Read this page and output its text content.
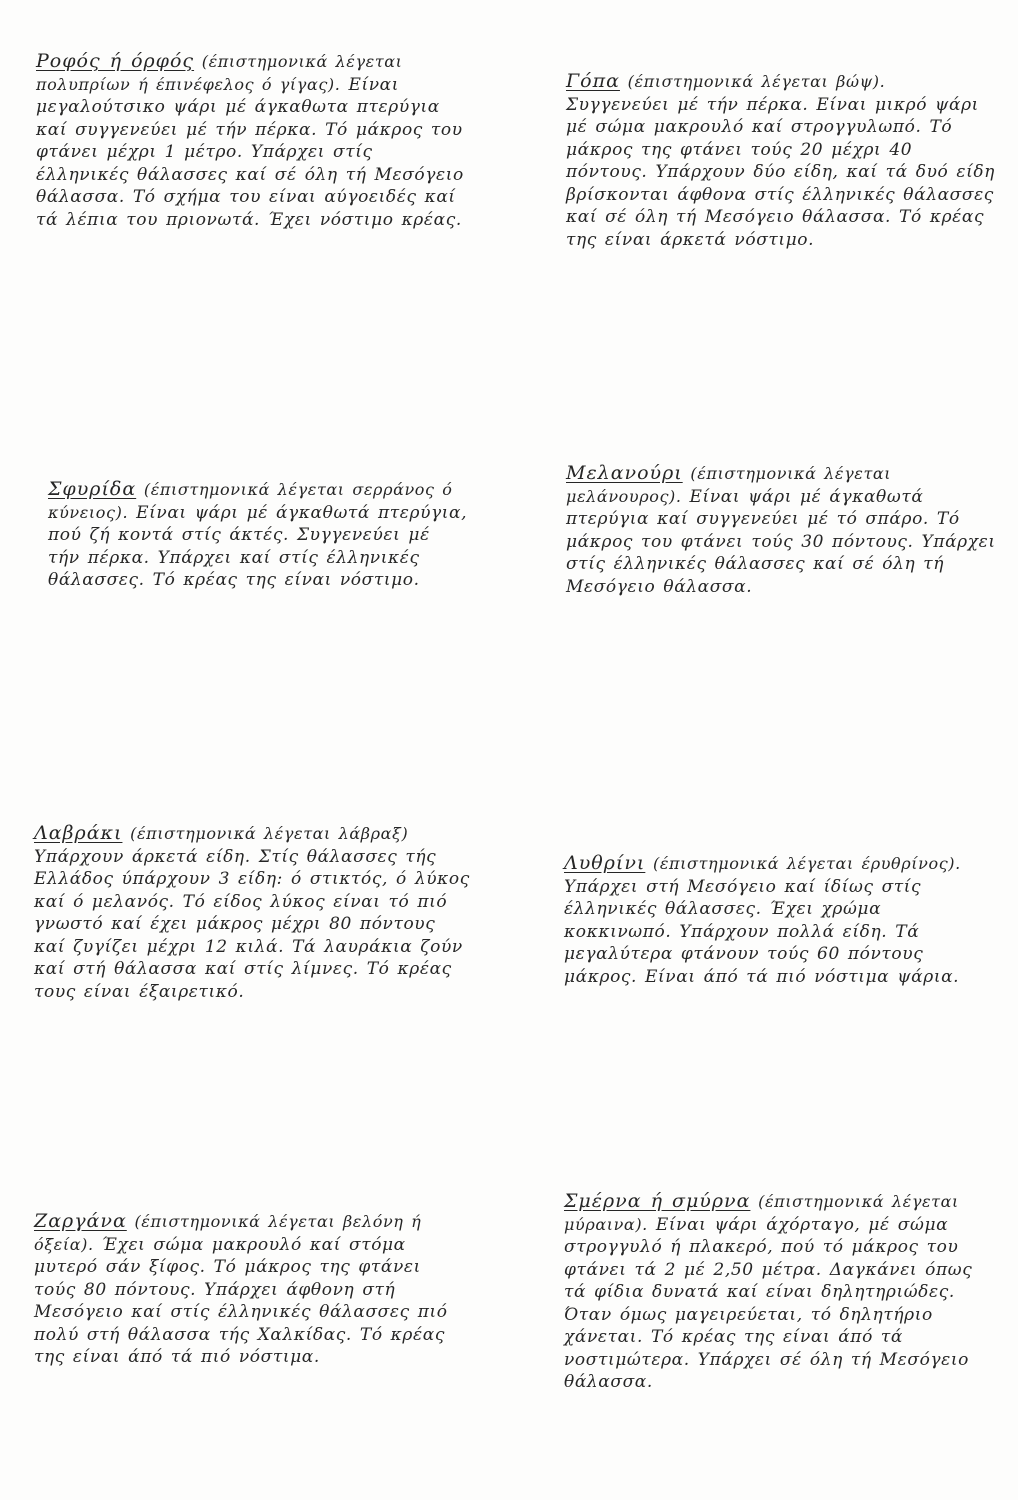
Ροφός ή όρφός (έπιστημονικά λέγεται πολυπρίων ή έπινέφελος ό γίγας). Είναι μεγαλούτσικο ψάρι μέ άγκαθωτα πτερύγια καί συγγενεύει μέ τήν πέρκα. Τό μάκρος του φτάνει μέχρι 1 μέτρο. Υπάρχει στίς έλληνικές θάλασσες καί σέ όλη τή Μεσόγειο θάλασσα. Τό σχήμα του είναι αύγοειδές καί τά λέπια του πριονωτά. Έχει νόστιμο κρέας.
Γόπα (έπιστημονικά λέγεται βώψ). Συγγενεύει μέ τήν πέρκα. Είναι μικρό ψάρι μέ σώμα μακρουλό καί στρογγυλωπό. Τό μάκρος της φτάνει τούς 20 μέχρι 40 πόντους. Υπάρχουν δύο είδη, καί τά δυό είδη βρίσκονται άφθονα στίς έλληνικές θάλασσες καί σέ όλη τή Μεσόγειο θάλασσα. Τό κρέας της είναι άρκετά νόστιμο.
Σφυρίδα (έπιστημονικά λέγεται σερράνος ό κύνειος). Είναι ψάρι μέ άγκαθωτά πτερύγια, πού ζή κοντά στίς άκτές. Συγγενεύει μέ τήν πέρκα. Υπάρχει καί στίς έλληνικές θάλασσες. Τό κρέας της είναι νόστιμο.
Μελανούρι (έπιστημονικά λέγεται μελάνουρος). Είναι ψάρι μέ άγκαθωτά πτερύγια καί συγγενεύει μέ τό σπάρο. Τό μάκρος του φτάνει τούς 30 πόντους. Υπάρχει στίς έλληνικές θάλασσες καί σέ όλη τή Μεσόγειο θάλασσα.
Λαβράκι (έπιστημονικά λέγεται λάβραξ) Υπάρχουν άρκετά είδη. Στίς θάλασσες τής Ελλάδος ύπάρχουν 3 είδη: ό στικτός, ό λύκος καί ό μελανός. Τό είδος λύκος είναι τό πιό γνωστό καί έχει μάκρος μέχρι 80 πόντους καί ζυγίζει μέχρι 12 κιλά. Τά λαυράκια ζούν καί στή θάλασσα καί στίς λίμνες. Τό κρέας τους είναι έξαιρετικό.
Λυθρίνι (έπιστημονικά λέγεται έρυθρίνος). Υπάρχει στή Μεσόγειο καί ίδίως στίς έλληνικές θάλασσες. Έχει χρώμα κοκκινωπό. Υπάρχουν πολλά είδη. Τά μεγαλύτερα φτάνουν τούς 60 πόντους μάκρος. Είναι άπό τά πιό νόστιμα ψάρια.
Ζαργάνα (έπιστημονικά λέγεται βελόνη ή όξεία). Έχει σώμα μακρουλό καί στόμα μυτερό σάν ξίφος. Τό μάκρος της φτάνει τούς 80 πόντους. Υπάρχει άφθονη στή Μεσόγειο καί στίς έλληνικές θάλασσες πιό πολύ στή θάλασσα τής Χαλκίδας. Τό κρέας της είναι άπό τά πιό νόστιμα.
Σμέρνα ή σμύρνα (έπιστημονικά λέγεται μύραινα). Είναι ψάρι άχόρταγο, μέ σώμα στρογγυλό ή πλακερό, πού τό μάκρος του φτάνει τά 2 μέ 2,50 μέτρα. Δαγκάνει όπως τά φίδια δυνατά καί είναι δηλητηριώδες. Όταν όμως μαγειρεύεται, τό δηλητήριο χάνεται. Τό κρέας της είναι άπό τά νοστιμώτερα. Υπάρχει σέ όλη τή Μεσόγειο θάλασσα.
